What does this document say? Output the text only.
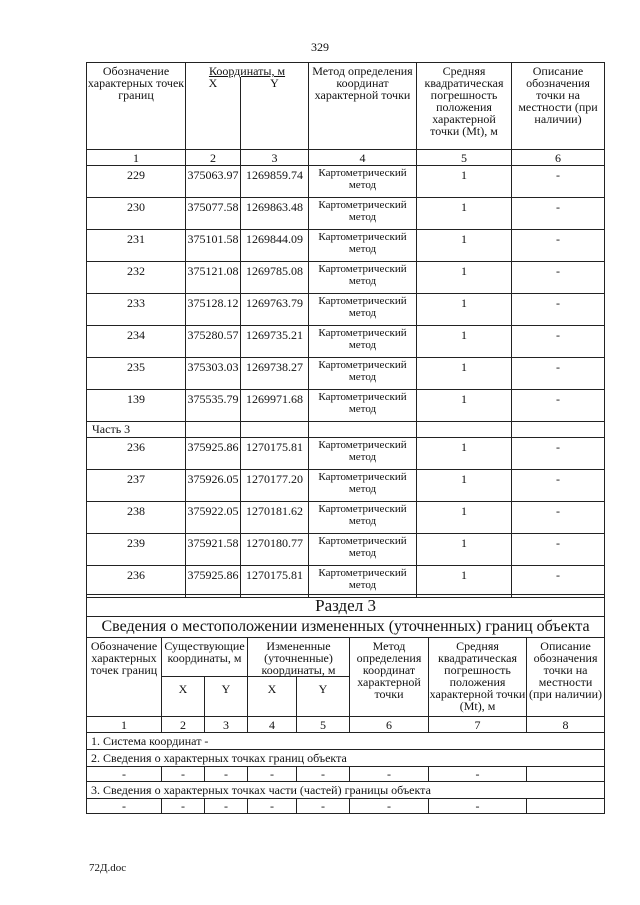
329
Обозначение характерных точек границ	Координаты, м		Метод определения координат характерной точки	Средняя квадратическая погрешность положения характерной точки (Mt), м	Описание обозначения точки на местности (при наличии)
	X	Y			
1	2	3	4	5	6
229	375063.97	1269859.74	Картометрический метод	1	-
230	375077.58	1269863.48	Картометрический метод	1	-
231	375101.58	1269844.09	Картометрический метод	1	-
232	375121.08	1269785.08	Картометрический метод	1	-
233	375128.12	1269763.79	Картометрический метод	1	-
234	375280.57	1269735.21	Картометрический метод	1	-
235	375303.03	1269738.27	Картометрический метод	1	-
139	375535.79	1269971.68	Картометрический метод	1	-
Часть 3					
236	375925.86	1270175.81	Картометрический метод	1	-
237	375926.05	1270177.20	Картометрический метод	1	-
238	375922.05	1270181.62	Картометрический метод	1	-
239	375921.58	1270180.77	Картометрический метод	1	-
236	375925.86	1270175.81	Картометрический метод	1	-
Раздел 3							
Сведения о местоположении измененных (уточненных) границ объекта							
Обозначение характерных точек границ	Существующие координаты, м		Измененные (уточненные) координаты, м		Метод определения координат характерной точки	Средняя квадратическая погрешность положения характерной точки (Mt), м	Описание обозначения точки на местности (при наличии)
	X	Y	X	Y			
1	2	3	4	5	6	7	8
1. Система координат -							
2. Сведения о характерных точках границ объекта							
-	-	-	-	-	-	-	
3. Сведения о характерных точках части (частей) границы объекта							
-	-	-	-	-	-	-	
72Д.doc
